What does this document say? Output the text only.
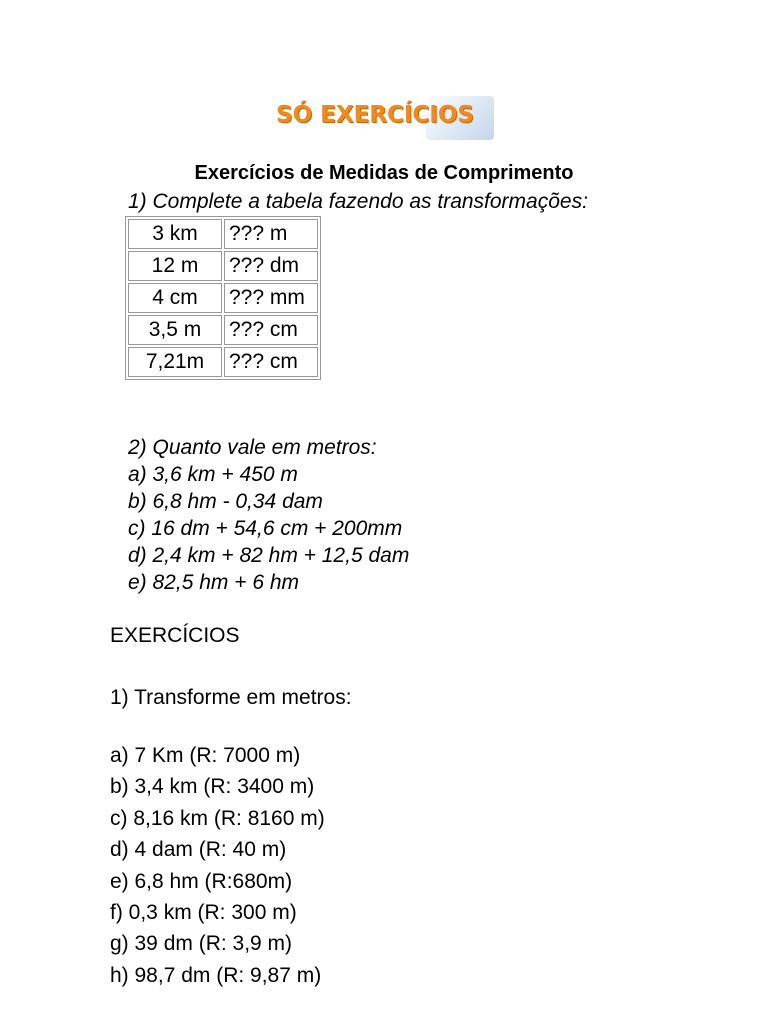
SÓ EXERCÍCIOS
Exercícios de Medidas de Comprimento
1) Complete a tabela fazendo as transformações:
3 km	??? m
12 m	??? dm
4 cm	??? mm
3,5 m	??? cm
7,21m	??? cm
2) Quanto vale em metros:
a) 3,6 km + 450 m
b) 6,8 hm - 0,34 dam
c) 16 dm + 54,6 cm + 200mm
d) 2,4 km + 82 hm + 12,5 dam
e) 82,5 hm + 6 hm
EXERCÍCIOS
1) Transforme em metros:
a) 7 Km (R: 7000 m)
b) 3,4 km (R: 3400 m)
c) 8,16 km (R: 8160 m)
d) 4 dam (R: 40 m)
e) 6,8 hm (R:680m)
f) 0,3 km (R: 300 m)
g) 39 dm (R: 3,9 m)
h) 98,7 dm (R: 9,87 m)
